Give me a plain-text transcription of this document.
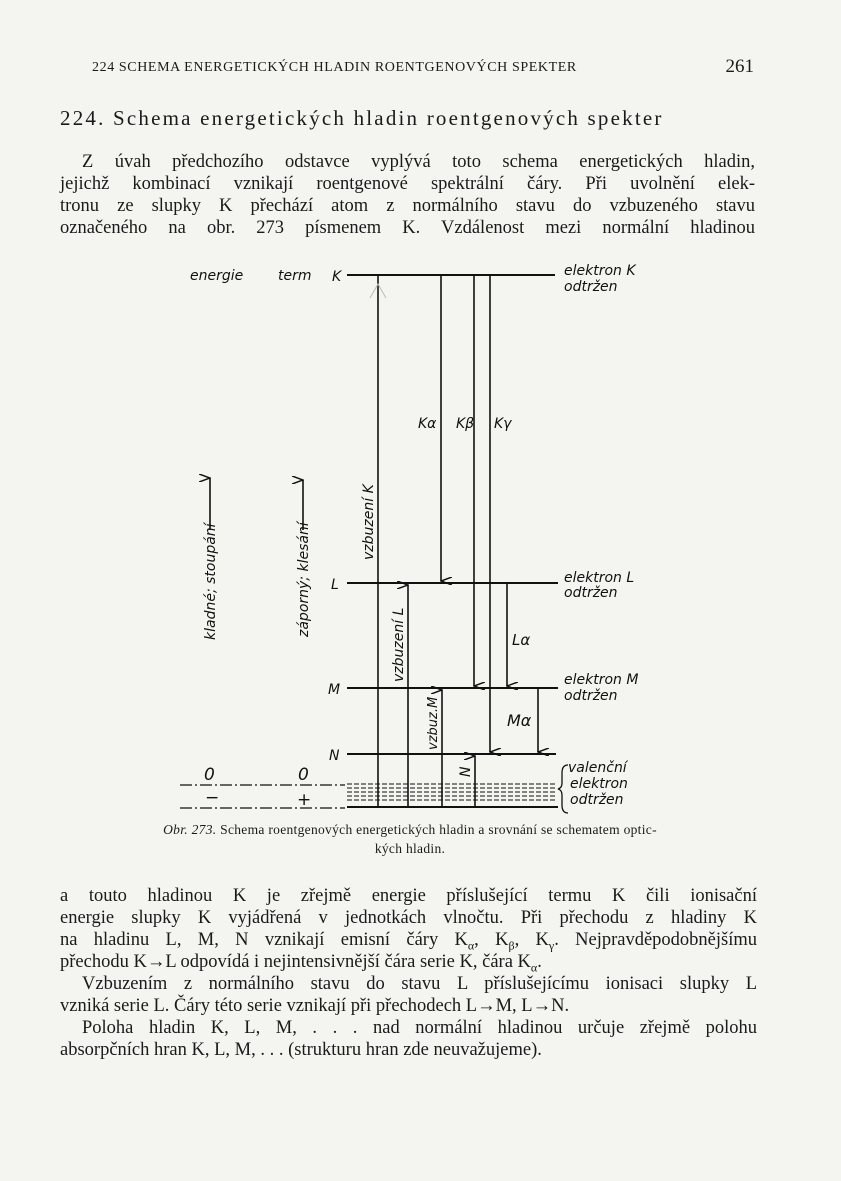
224 SCHEMA ENERGETICKÝCH HLADIN ROENTGENOVÝCH SPEKTER	261
224. Schema energetických hladin roentgenových spekter
Z úvah předchozího odstavce vyplývá toto schema energetických hladin,
jejichž kombinací vznikají roentgenové spektrální čáry. Při uvolnění elek-
tronu ze slupky K přechází atom z normálního stavu do vzbuzeného stavu
označeného na obr. 273 písmenem K. Vzdálenost mezi normální hladinou
energie term K
L
M
N
elektron K
odtržen
elektron L
odtržen
elektron M
odtržen
valenční
elektron
odtržen
Kα Kβ Kγ
Lα
Mα
vzbuzení K
vzbuzení L
vzbuz.M
N
kladné; stoupání	záporný; klesání
0	0
−	+
Obr. 273. Schema roentgenových energetických hladin a srovnání se schematem optic-
kých hladin.
a touto hladinou K je zřejmě energie příslušející termu K čili ionisační
energie slupky K vyjádřená v jednotkách vlnočtu. Při přechodu z hladiny K
na hladinu L, M, N vznikají emisní čáry $K_\alpha$, $K_\beta$, $K_\gamma$. Nejpravděpodobnějšímu
přechodu K→L odpovídá i nejintensivnější čára serie K, čára $K_\alpha$.
Vzbuzením z normálního stavu do stavu L příslušejícímu ionisaci slupky L
vzniká serie L. Čáry této serie vznikají při přechodech L→M, L→N.
Poloha hladin K, L, M, . . . nad normální hladinou určuje zřejmě polohu
absorpčních hran K, L, M, . . . (strukturu hran zde neuvažujeme).
